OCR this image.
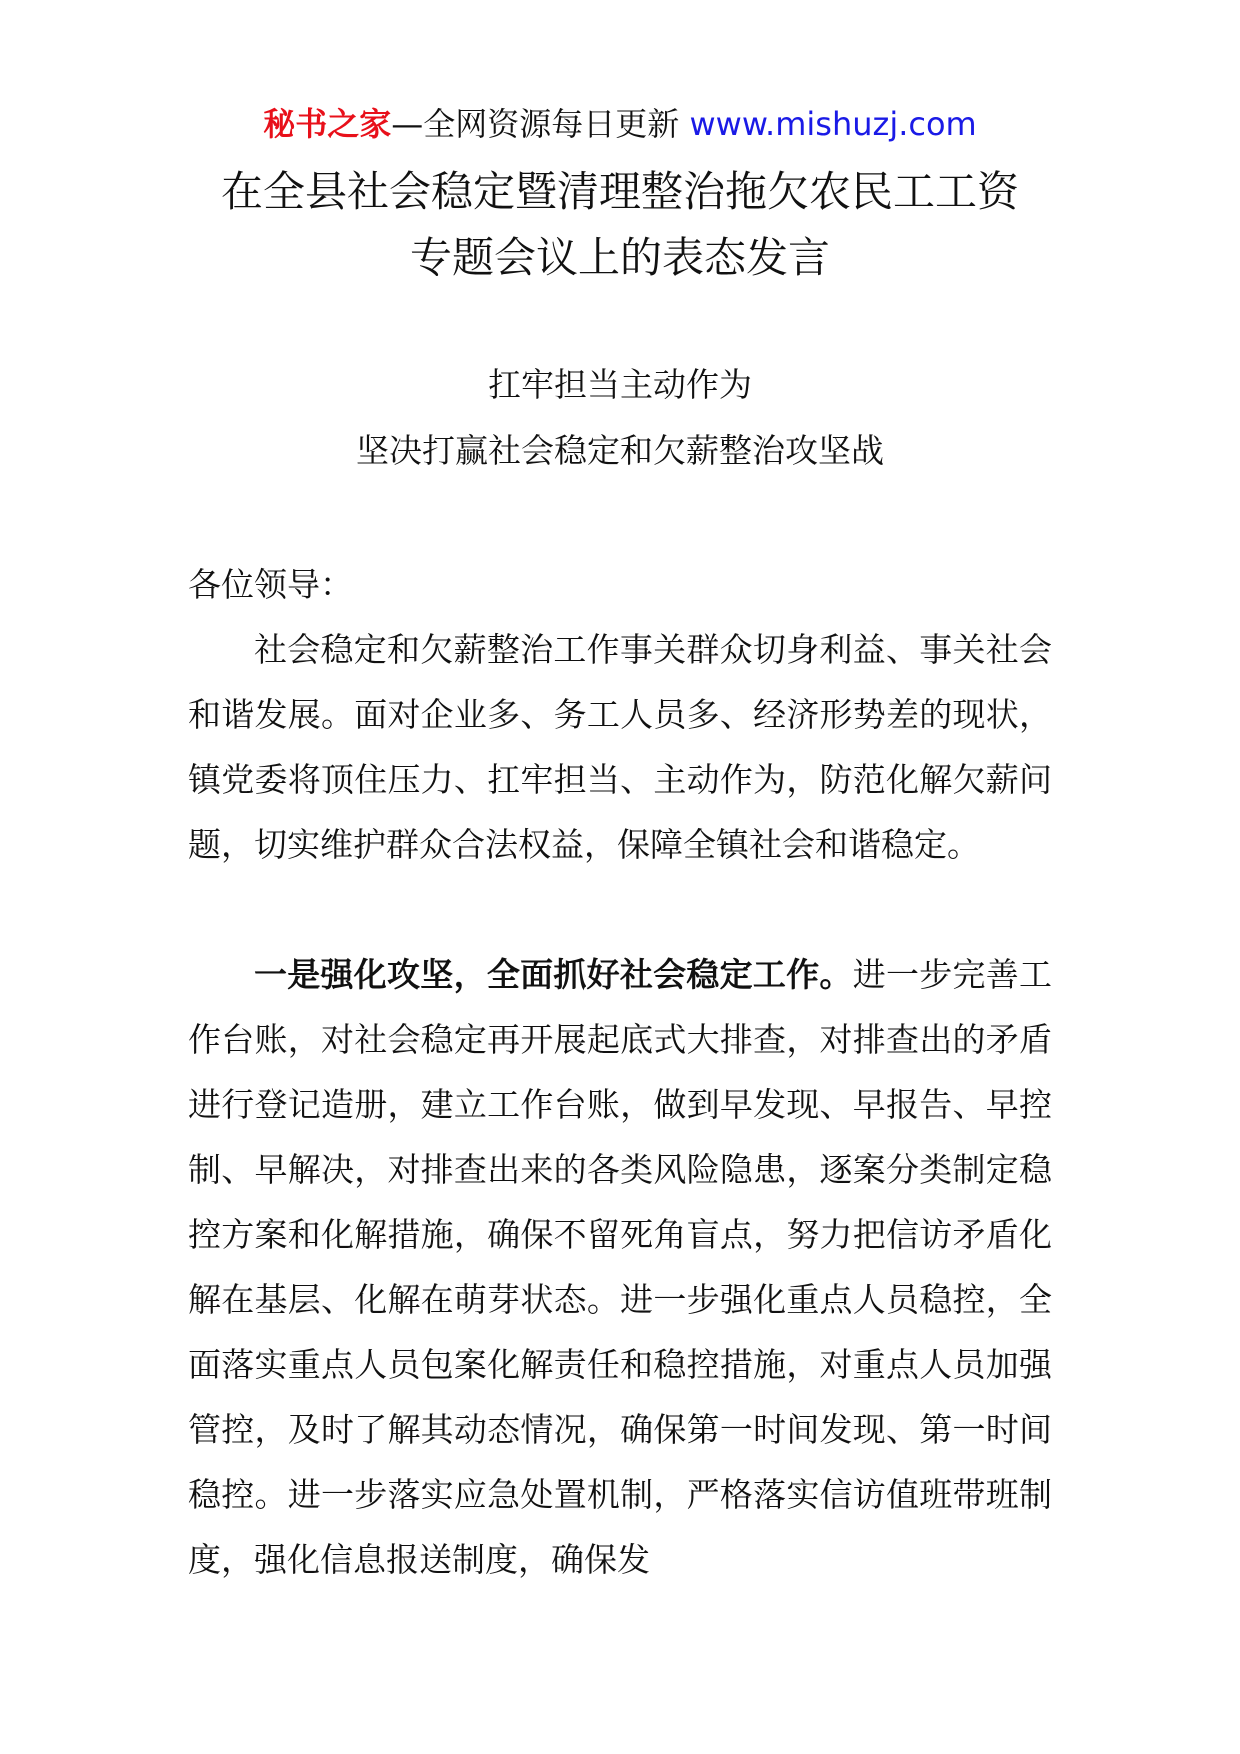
秘书之家—全网资源每日更新 www.mishuzj.com
在全县社会稳定暨清理整治拖欠农民工工资
专题会议上的表态发言
扛牢担当主动作为
坚决打赢社会稳定和欠薪整治攻坚战
各位领导：

社会稳定和欠薪整治工作事关群众切身利益、事关社会和谐发展。面对企业多、务工人员多、经济形势差的现状，镇党委将顶住压力、扛牢担当、主动作为，防范化解欠薪问题，切实维护群众合法权益，保障全镇社会和谐稳定。

一是强化攻坚，全面抓好社会稳定工作。进一步完善工作台账，对社会稳定再开展起底式大排查，对排查出的矛盾进行登记造册，建立工作台账，做到早发现、早报告、早控制、早解决，对排查出来的各类风险隐患，逐案分类制定稳控方案和化解措施，确保不留死角盲点，努力把信访矛盾化解在基层、化解在萌芽状态。进一步强化重点人员稳控，全面落实重点人员包案化解责任和稳控措施，对重点人员加强管控，及时了解其动态情况，确保第一时间发现、第一时间稳控。进一步落实应急处置机制，严格落实信访值班带班制度，强化信息报送制度，确保发
